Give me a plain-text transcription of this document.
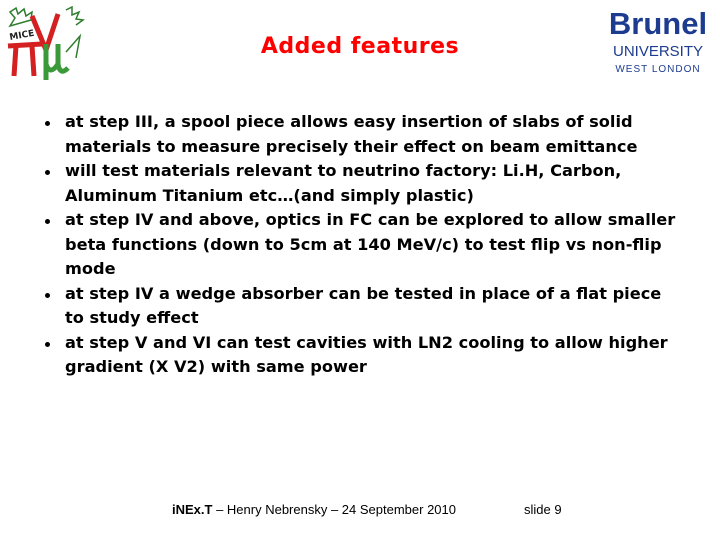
MICE	Added features
Brunel
UNIVERSITY
WEST LONDON
at step III, a spool piece allows easy insertion of slabs of solid materials to measure precisely their effect on beam emittance
will test materials relevant to neutrino factory: Li.H, Carbon, Aluminum Titanium etc…(and simply plastic)
at step IV and above, optics in FC can be explored to allow smaller beta functions (down to 5cm at 140 MeV/c) to test flip vs non-flip mode
at step IV a wedge absorber can be tested in place of a flat piece to study effect
at step V and VI can test cavities with LN2 cooling to allow higher gradient (X V2) with same power
iNEx.T – Henry Nebrensky – 24 September 2010	slide 9
